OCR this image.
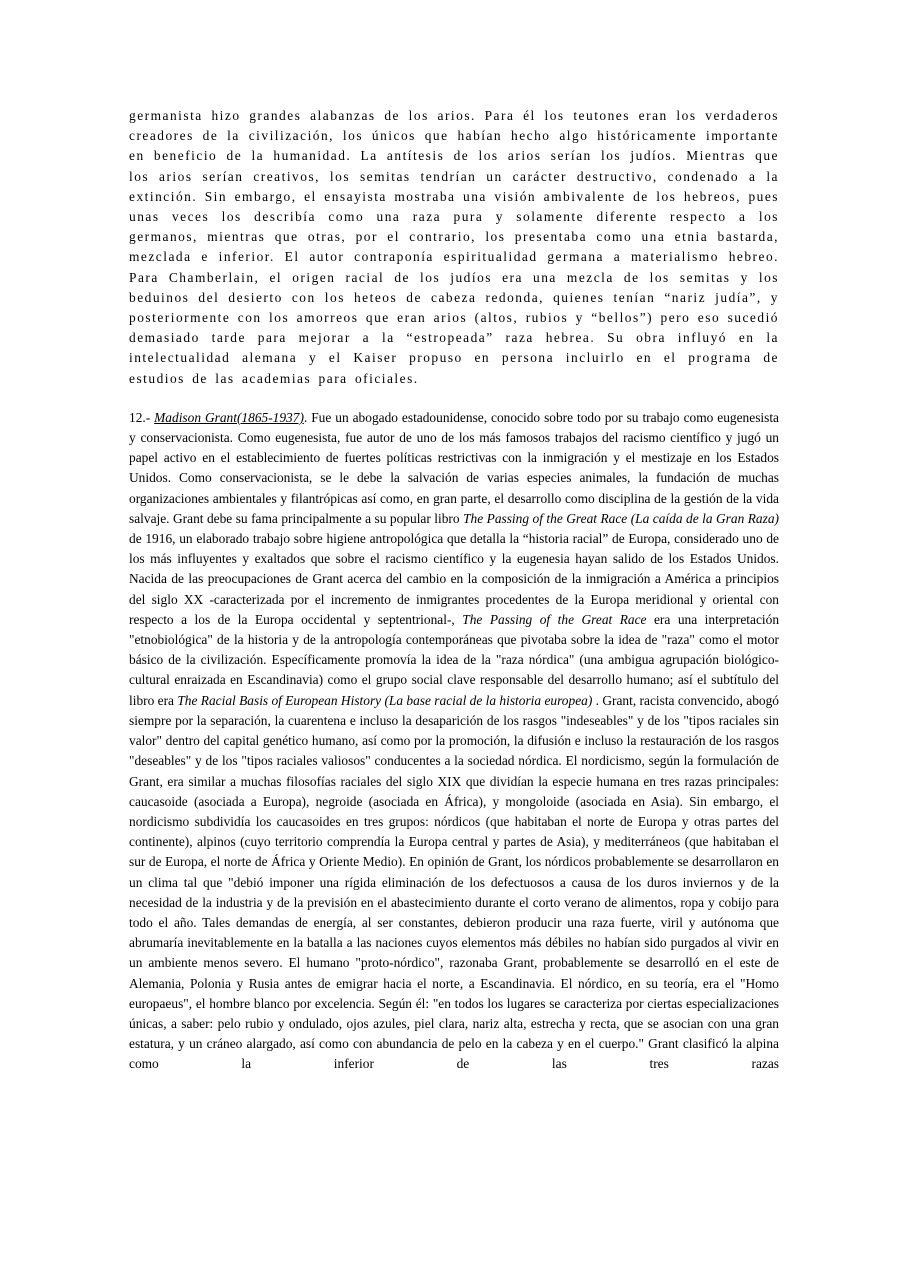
germanista hizo grandes alabanzas de los arios. Para él los teutones eran los verdaderos creadores de la civilización, los únicos que habían hecho algo históricamente importante en beneficio de la humanidad. La antítesis de los arios serían los judíos. Mientras que los arios serían creativos, los semitas tendrían un carácter destructivo, condenado a la extinción. Sin embargo, el ensayista mostraba una visión ambivalente de los hebreos, pues unas veces los describía como una raza pura y solamente diferente respecto a los germanos, mientras que otras, por el contrario, los presentaba como una etnia bastarda, mezclada e inferior. El autor contraponía espiritualidad germana a materialismo hebreo. Para Chamberlain, el origen racial de los judíos era una mezcla de los semitas y los beduinos del desierto con los heteos de cabeza redonda, quienes tenían “nariz judía”, y posteriormente con los amorreos que eran arios (altos, rubios y “bellos”) pero eso sucedió demasiado tarde para mejorar a la “estropeada” raza hebrea. Su obra influyó en la intelectualidad alemana y el Kaiser propuso en persona incluirlo en el programa de estudios de las academias para oficiales.

12.- Madison Grant(1865-1937). Fue un abogado estadounidense, conocido sobre todo por su trabajo como eugenesista y conservacionista. Como eugenesista, fue autor de uno de los más famosos trabajos del racismo científico y jugó un papel activo en el establecimiento de fuertes políticas restrictivas con la inmigración y el mestizaje en los Estados Unidos. Como conservacionista, se le debe la salvación de varias especies animales, la fundación de muchas organizaciones ambientales y filantrópicas así como, en gran parte, el desarrollo como disciplina de la gestión de la vida salvaje. Grant debe su fama principalmente a su popular libro The Passing of the Great Race (La caída de la Gran Raza) de 1916, un elaborado trabajo sobre higiene antropológica que detalla la “historia racial” de Europa, considerado uno de los más influyentes y exaltados que sobre el racismo científico y la eugenesia hayan salido de los Estados Unidos. Nacida de las preocupaciones de Grant acerca del cambio en la composición de la inmigración a América a principios del siglo XX -caracterizada por el incremento de inmigrantes procedentes de la Europa meridional y oriental con respecto a los de la Europa occidental y septentrional-, The Passing of the Great Race era una interpretación "etnobiológica" de la historia y de la antropología contemporáneas que pivotaba sobre la idea de "raza" como el motor básico de la civilización. Específicamente promovía la idea de la "raza nórdica" (una ambigua agrupación biológico-cultural enraizada en Escandinavia) como el grupo social clave responsable del desarrollo humano; así el subtítulo del libro era The Racial Basis of European History (La base racial de la historia europea) . Grant, racista convencido, abogó siempre por la separación, la cuarentena e incluso la desaparición de los rasgos "indeseables" y de los "tipos raciales sin valor" dentro del capital genético humano, así como por la promoción, la difusión e incluso la restauración de los rasgos "deseables" y de los "tipos raciales valiosos" conducentes a la sociedad nórdica. El nordicismo, según la formulación de Grant, era similar a muchas filosofías raciales del siglo XIX que dividían la especie humana en tres razas principales: caucasoide (asociada a Europa), negroide (asociada en África), y mongoloide (asociada en Asia). Sin embargo, el nordicismo subdividía los caucasoides en tres grupos: nórdicos (que habitaban el norte de Europa y otras partes del continente), alpinos (cuyo territorio comprendía la Europa central y partes de Asia), y mediterráneos (que habitaban el sur de Europa, el norte de África y Oriente Medio). En opinión de Grant, los nórdicos probablemente se desarrollaron en un clima tal que "debió imponer una rígida eliminación de los defectuosos a causa de los duros inviernos y de la necesidad de la industria y de la previsión en el abastecimiento durante el corto verano de alimentos, ropa y cobijo para todo el año. Tales demandas de energía, al ser constantes, debieron producir una raza fuerte, viril y autónoma que abrumaría inevitablemente en la batalla a las naciones cuyos elementos más débiles no habían sido purgados al vivir en un ambiente menos severo. El humano "proto-nórdico", razonaba Grant, probablemente se desarrolló en el este de Alemania, Polonia y Rusia antes de emigrar hacia el norte, a Escandinavia. El nórdico, en su teoría, era el "Homo europaeus", el hombre blanco por excelencia. Según él: "en todos los lugares se caracteriza por ciertas especializaciones únicas, a saber: pelo rubio y ondulado, ojos azules, piel clara, nariz alta, estrecha y recta, que se asocian con una gran estatura, y un cráneo alargado, así como con abundancia de pelo en la cabeza y en el cuerpo." Grant clasificó la alpina como la inferior de las tres razas
